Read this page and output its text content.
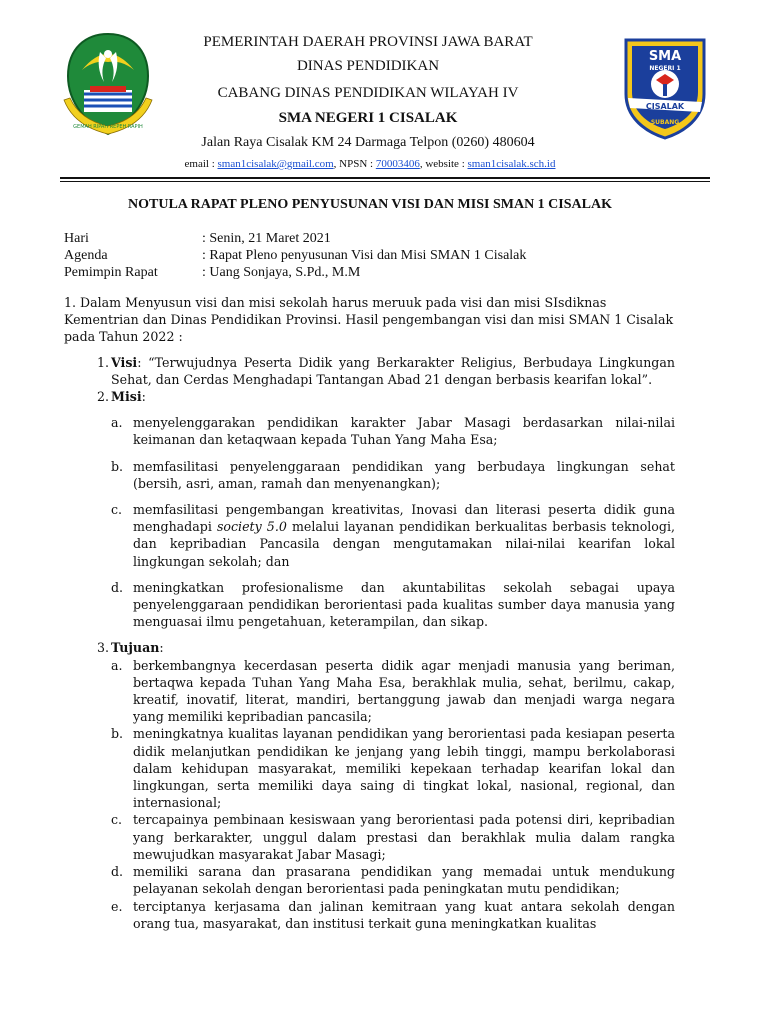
GEMAH RIPAH REPEH RAPIH
SMA
NEGERI 1
CISALAK
SUBANG
PEMERINTAH DAERAH PROVINSI JAWA BARAT
DINAS PENDIDIKAN
CABANG DINAS PENDIDIKAN WILAYAH IV
SMA NEGERI 1 CISALAK
Jalan Raya Cisalak KM 24 Darmaga Telpon (0260) 480604
email : sman1cisalak@gmail.com, NPSN : 70003406, website : sman1cisalak.sch.id
NOTULA RAPAT PLENO PENYUSUNAN VISI DAN MISI SMAN 1 CISALAK
Hari	: Senin, 21 Maret 2021
Agenda	: Rapat Pleno penyusunan Visi dan Misi SMAN 1 Cisalak
Pemimpin Rapat	: Uang Sonjaya, S.Pd., M.M

1. Dalam Menyusun visi dan misi sekolah harus meruuk pada visi dan misi SIsdiknas Kementrian dan Dinas Pendidikan Provinsi. Hasil pengembangan visi dan misi SMAN 1 Cisalak pada Tahun 2022 :

1. Visi: “Terwujudnya Peserta Didik yang Berkarakter Religius, Berbudaya Lingkungan Sehat, dan Cerdas Menghadapi Tantangan Abad 21 dengan berbasis kearifan lokal”.
2. Misi:
a. menyelenggarakan pendidikan karakter Jabar Masagi berdasarkan nilai-nilai keimanan dan ketaqwaan kepada Tuhan Yang Maha Esa;
b. memfasilitasi penyelenggaraan pendidikan yang berbudaya lingkungan sehat (bersih, asri, aman, ramah dan menyenangkan);
c. memfasilitasi pengembangan kreativitas, Inovasi dan literasi peserta didik guna menghadapi society 5.0 melalui layanan pendidikan berkualitas berbasis teknologi, dan kepribadian Pancasila dengan mengutamakan nilai-nilai kearifan lokal lingkungan sekolah; dan
d. meningkatkan profesionalisme dan akuntabilitas sekolah sebagai upaya penyelenggaraan pendidikan berorientasi pada kualitas sumber daya manusia yang menguasai ilmu pengetahuan, keterampilan, dan sikap.
3. Tujuan:
a. berkembangnya kecerdasan peserta didik agar menjadi manusia yang beriman, bertaqwa kepada Tuhan Yang Maha Esa, berakhlak mulia, sehat, berilmu, cakap, kreatif, inovatif, literat, mandiri, bertanggung jawab dan menjadi warga negara yang memiliki kepribadian pancasila;
b. meningkatnya kualitas layanan pendidikan yang berorientasi pada kesiapan peserta didik melanjutkan pendidikan ke jenjang yang lebih tinggi, mampu berkolaborasi dalam kehidupan masyarakat, memiliki kepekaan terhadap kearifan lokal dan lingkungan, serta memiliki daya saing di tingkat lokal, nasional, regional, dan internasional;
c. tercapainya pembinaan kesiswaan yang berorientasi pada potensi diri, kepribadian yang berkarakter, unggul dalam prestasi dan berakhlak mulia dalam rangka mewujudkan masyarakat Jabar Masagi;
d. memiliki sarana dan prasarana pendidikan yang memadai untuk mendukung pelayanan sekolah dengan berorientasi pada peningkatan mutu pendidikan;
e. terciptanya kerjasama dan jalinan kemitraan yang kuat antara sekolah dengan orang tua, masyarakat, dan institusi terkait guna meningkatkan kualitas
